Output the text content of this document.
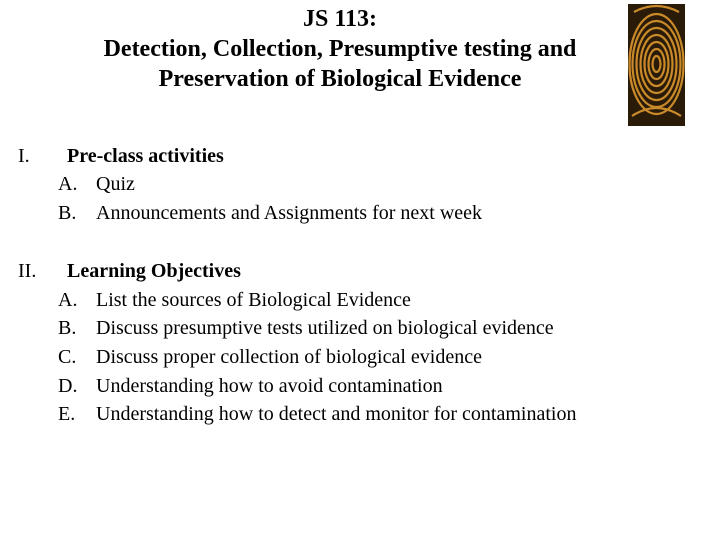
JS 113:
Detection, Collection, Presumptive testing and
Preservation of Biological Evidence
I. Pre-class activities
A. Quiz
B. Announcements and Assignments for next week
II. Learning Objectives
A. List the sources of Biological Evidence
B. Discuss presumptive tests utilized on biological evidence
C. Discuss proper collection of biological evidence
D. Understanding how to avoid contamination
E. Understanding how to detect and monitor for contamination
